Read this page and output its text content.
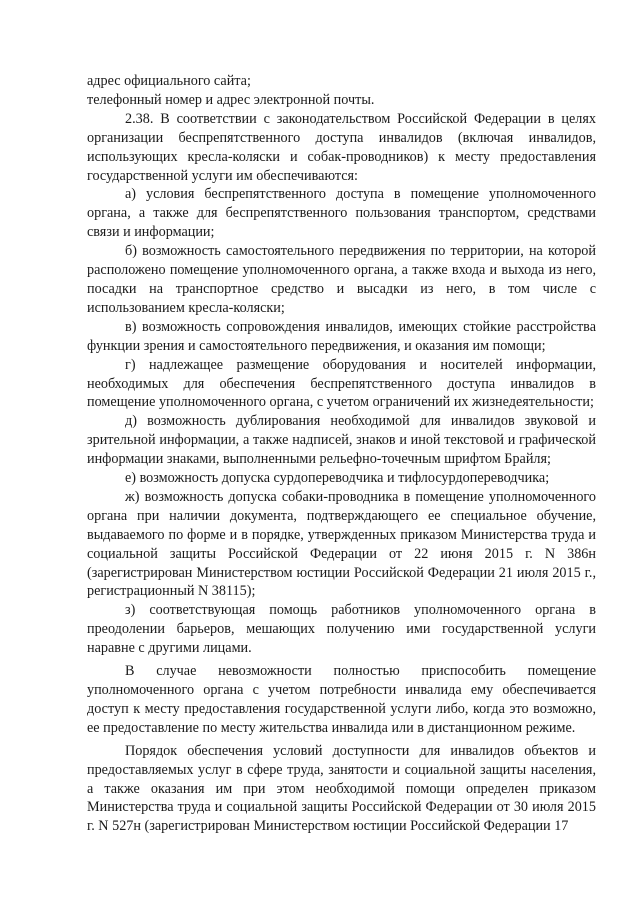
адрес официального сайта;

телефонный номер и адрес электронной почты.

2.38. В соответствии с законодательством Российской Федерации в целях организации беспрепятственного доступа инвалидов (включая инвалидов, использующих кресла-коляски и собак-проводников) к месту предоставления государственной услуги им обеспечиваются:

а) условия беспрепятственного доступа в помещение уполномоченного органа, а также для беспрепятственного пользования транспортом, средствами связи и информации;

б) возможность самостоятельного передвижения по территории, на которой расположено помещение уполномоченного органа, а также входа и выхода из него, посадки на транспортное средство и высадки из него, в том числе с использованием кресла-коляски;

в) возможность сопровождения инвалидов, имеющих стойкие расстройства функции зрения и самостоятельного передвижения, и оказания им помощи;

г) надлежащее размещение оборудования и носителей информации, необходимых для обеспечения беспрепятственного доступа инвалидов в помещение уполномоченного органа, с учетом ограничений их жизнедеятельности;

д) возможность дублирования необходимой для инвалидов звуковой и зрительной информации, а также надписей, знаков и иной текстовой и графической информации знаками, выполненными рельефно-точечным шрифтом Брайля;

е) возможность допуска сурдопереводчика и тифлосурдопереводчика;

ж) возможность допуска собаки-проводника в помещение уполномоченного органа при наличии документа, подтверждающего ее специальное обучение, выдаваемого по форме и в порядке, утвержденных приказом Министерства труда и социальной защиты Российской Федерации от 22 июня 2015 г. N 386н (зарегистрирован Министерством юстиции Российской Федерации 21 июля 2015 г., регистрационный N 38115);

з) соответствующая помощь работников уполномоченного органа в преодолении барьеров, мешающих получению ими государственной услуги наравне с другими лицами.

В случае невозможности полностью приспособить помещение уполномоченного органа с учетом потребности инвалида ему обеспечивается доступ к месту предоставления государственной услуги либо, когда это возможно, ее предоставление по месту жительства инвалида или в дистанционном режиме.

Порядок обеспечения условий доступности для инвалидов объектов и предоставляемых услуг в сфере труда, занятости и социальной защиты населения, а также оказания им при этом необходимой помощи определен приказом Министерства труда и социальной защиты Российской Федерации от 30 июля 2015 г. N 527н (зарегистрирован Министерством юстиции Российской Федерации 17
